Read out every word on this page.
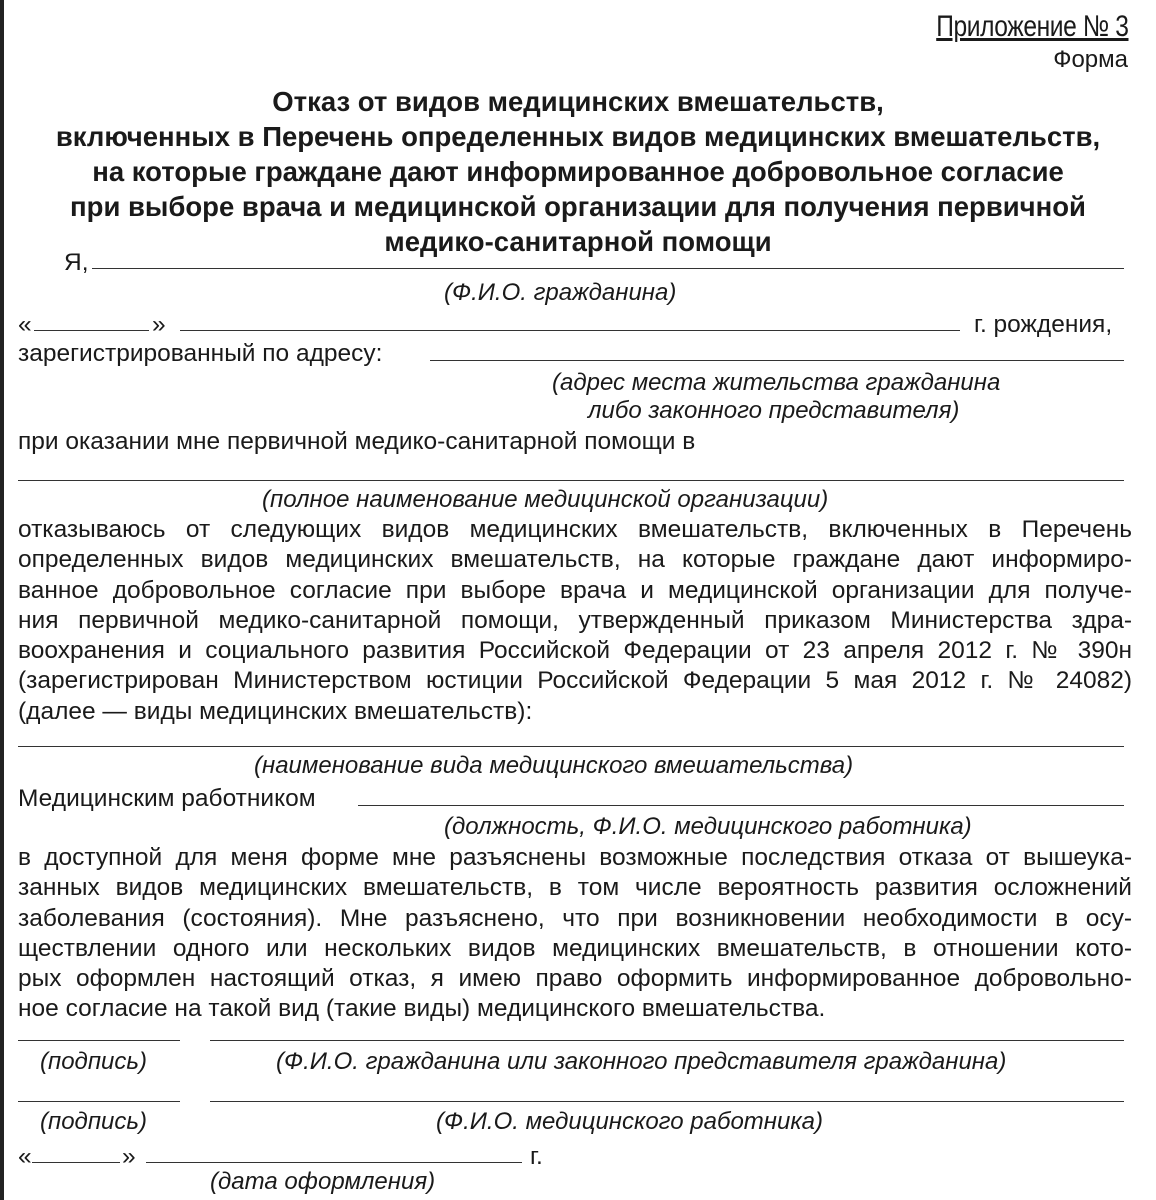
Приложение № 3
Форма
Отказ от видов медицинских вмешательств,
включенных в Перечень определенных видов медицинских вмешательств,
на которые граждане дают информированное добровольное согласие
при выборе врача и медицинской организации для получения первичной
медико-санитарной помощи
Я,
(Ф.И.О. гражданина)
«	»	г. рождения,
зарегистрированный по адресу:
(адрес места жительства гражданина
либо законного представителя)
при оказании мне первичной медико-санитарной помощи в
(полное наименование медицинской организации)
отказываюсь от следующих видов медицинских вмешательств, включенных в Перечень
определенных видов медицинских вмешательств, на которые граждане дают информиро-
ванное добровольное согласие при выборе врача и медицинской организации для получе-
ния первичной медико-санитарной помощи, утвержденный приказом Министерства здра-
воохранения и социального развития Российской Федерации от 23 апреля 2012 г. № 390н
(зарегистрирован Министерством юстиции Российской Федерации 5 мая 2012 г. № 24082)
(далее — виды медицинских вмешательств):
(наименование вида медицинского вмешательства)
Медицинским работником
(должность, Ф.И.О. медицинского работника)
в доступной для меня форме мне разъяснены возможные последствия отказа от вышеука-
занных видов медицинских вмешательств, в том числе вероятность развития осложнений
заболевания (состояния). Мне разъяснено, что при возникновении необходимости в осу-
ществлении одного или нескольких видов медицинских вмешательств, в отношении кото-
рых оформлен настоящий отказ, я имею право оформить информированное добровольно-
ное согласие на такой вид (такие виды) медицинского вмешательства.
(подпись)	(Ф.И.О. гражданина или законного представителя гражданина)
(подпись)	(Ф.И.О. медицинского работника)
«	»	г.
(дата оформления)
